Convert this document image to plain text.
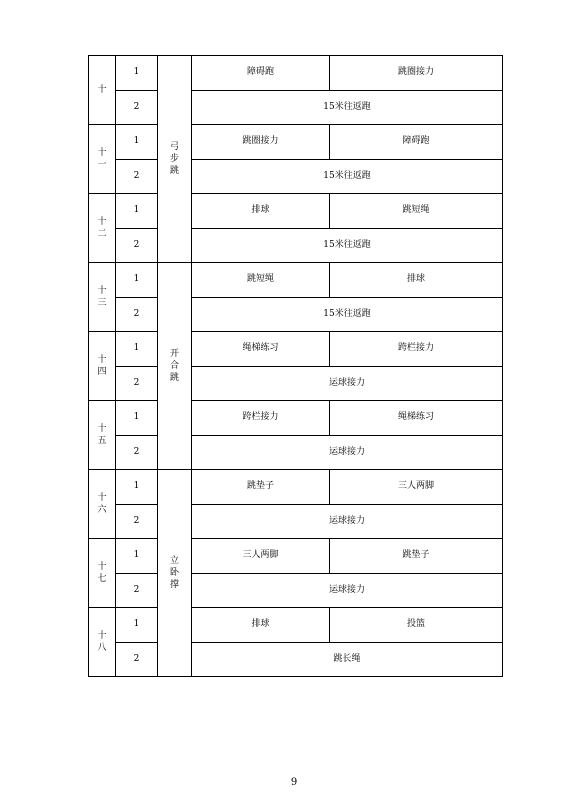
十	1	弓步跳	障碍跑	跳圈接力
	2		15米往返跑	
十一	1		跳圈接力	障碍跑
	2		15米往返跑	
十二	1		排球	跳短绳
	2		15米往返跑	
十三	1	开合跳	跳短绳	排球
	2		15米往返跑	
十四	1		绳梯练习	跨栏接力
	2		运球接力	
十五	1		跨栏接力	绳梯练习
	2		运球接力	
十六	1	立卧撑	跳垫子	三人两脚
	2		运球接力	
十七	1		三人两脚	跳垫子
	2		运球接力	
十八	1		排球	投篮
	2		跳长绳	
9
